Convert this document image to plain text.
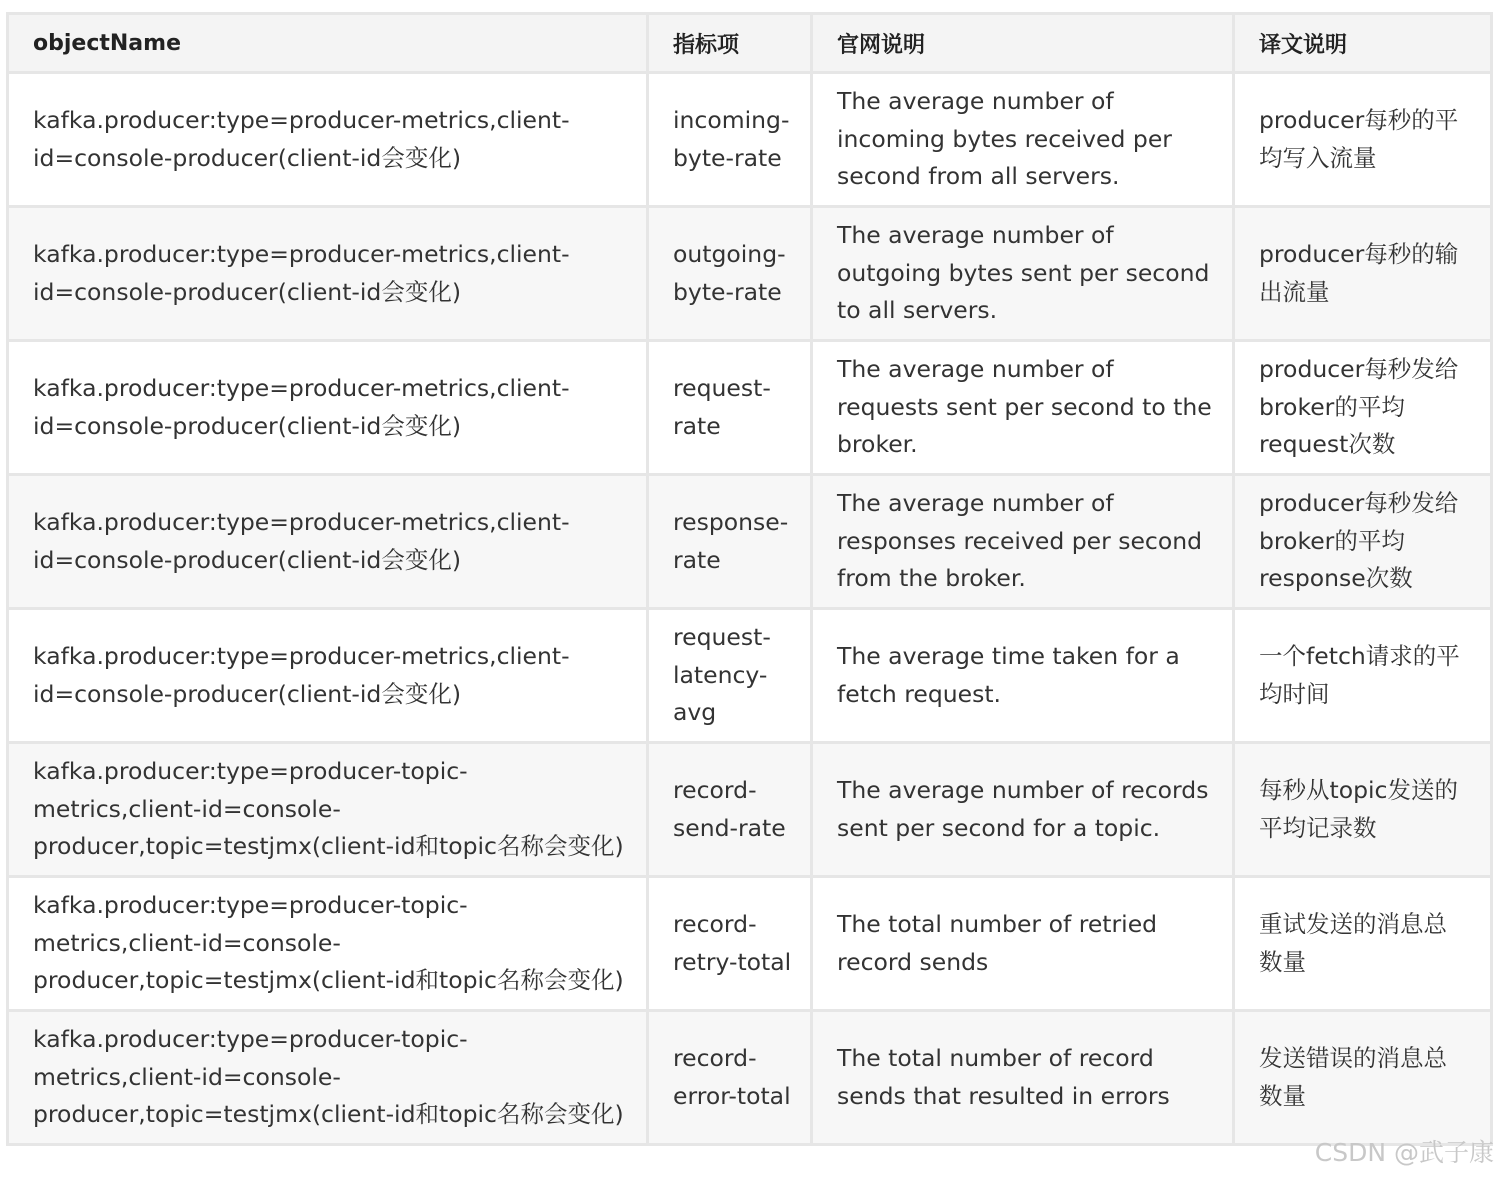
objectName	指标项	官网说明	译文说明
kafka.producer:type=producer-metrics,client-id=console-producer(client-id会变化)	incoming-byte-rate	The average number of incoming bytes received per second from all servers.	producer每秒的平均写入流量
kafka.producer:type=producer-metrics,client-id=console-producer(client-id会变化)	outgoing-byte-rate	The average number of outgoing bytes sent per second to all servers.	producer每秒的输出流量
kafka.producer:type=producer-metrics,client-id=console-producer(client-id会变化)	request-rate	The average number of requests sent per second to the broker.	producer每秒发给broker的平均request次数
kafka.producer:type=producer-metrics,client-id=console-producer(client-id会变化)	response-rate	The average number of responses received per second from the broker.	producer每秒发给broker的平均response次数
kafka.producer:type=producer-metrics,client-id=console-producer(client-id会变化)	request-latency-avg	The average time taken for a fetch request.	一个fetch请求的平均时间
kafka.producer:type=producer-topic-metrics,client-id=console-producer,topic=testjmx(client-id和topic名称会变化)	record-send-rate	The average number of records sent per second for a topic.	每秒从topic发送的平均记录数
kafka.producer:type=producer-topic-metrics,client-id=console-producer,topic=testjmx(client-id和topic名称会变化)	record-retry-total	The total number of retried record sends	重试发送的消息总数量
kafka.producer:type=producer-topic-metrics,client-id=console-producer,topic=testjmx(client-id和topic名称会变化)	record-error-total	The total number of record sends that resulted in errors	发送错误的消息总数量
CSDN @武子康
